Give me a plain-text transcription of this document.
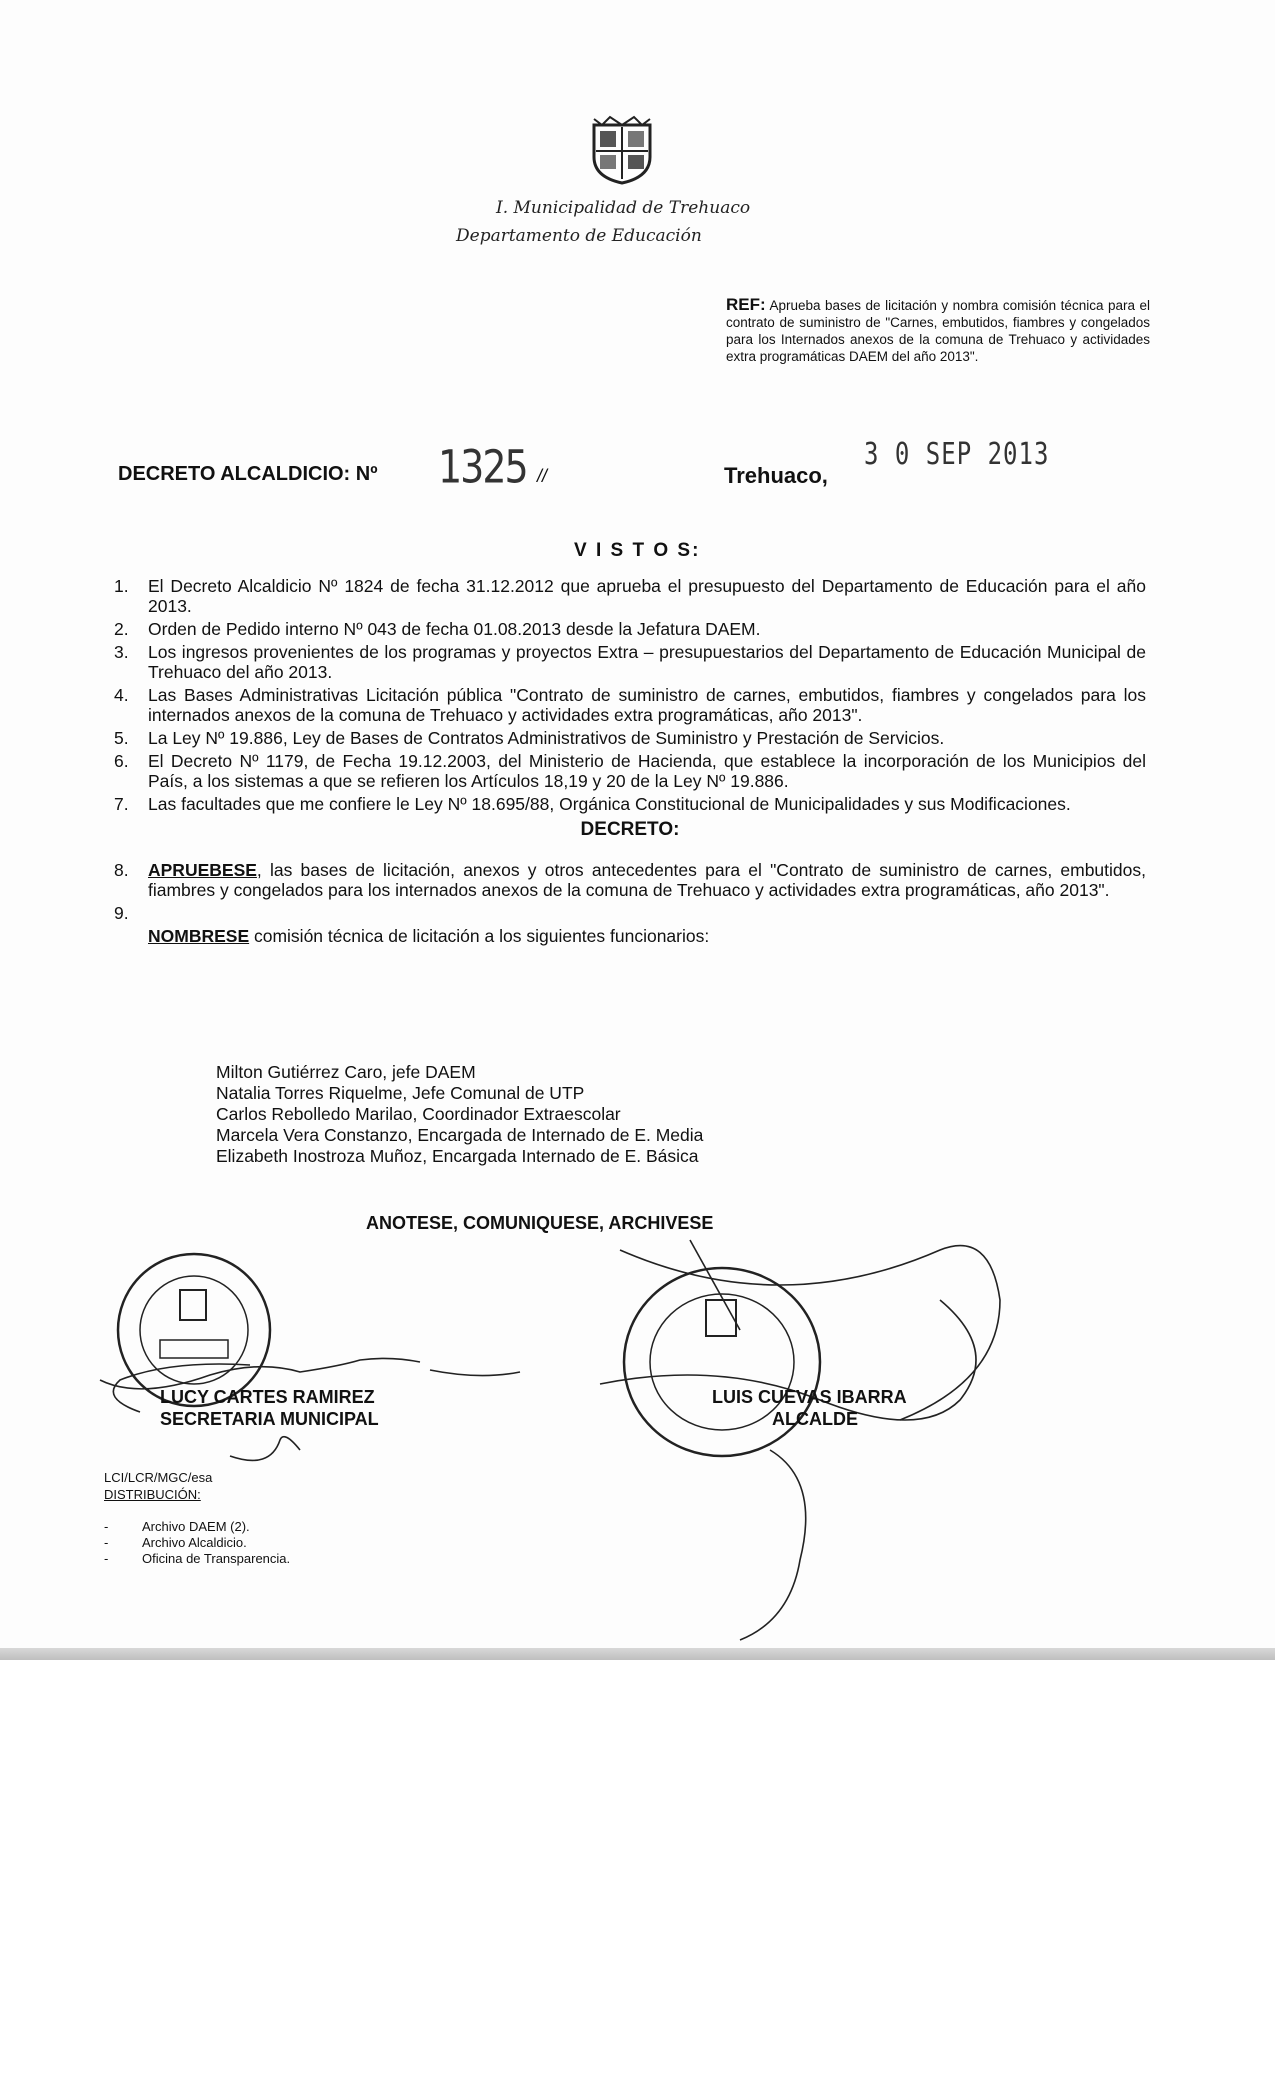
I. Municipalidad de Trehuaco
Departamento de Educación
REF: Aprueba bases de licitación y nombra comisión técnica para el contrato de suministro de "Carnes, embutidos, fiambres y congelados para los Internados anexos de la comuna de Trehuaco y actividades extra programáticas DAEM del año 2013".
DECRETO ALCALDICIO: Nº 1325 //	Trehuaco,
3 0 SEP 2013
V I S T O S:
1.	El Decreto Alcaldicio Nº 1824 de fecha 31.12.2012 que aprueba el presupuesto del Departamento de Educación para el año 2013.
2.	Orden de Pedido interno Nº 043 de fecha 01.08.2013 desde la Jefatura DAEM.
3.	Los ingresos provenientes de los programas y proyectos Extra – presupuestarios del Departamento de Educación Municipal de Trehuaco del año 2013.
4.	Las Bases Administrativas Licitación pública "Contrato de suministro de carnes, embutidos, fiambres y congelados para los internados anexos de la comuna de Trehuaco y actividades extra programáticas, año 2013".
5.	La Ley Nº 19.886, Ley de Bases de Contratos Administrativos de Suministro y Prestación de Servicios.
6.	El Decreto Nº 1179, de Fecha 19.12.2003, del Ministerio de Hacienda, que establece la incorporación de los Municipios del País, a los sistemas a que se refieren los Artículos 18,19 y 20 de la Ley Nº 19.886.
7.	Las facultades que me confiere le Ley Nº 18.695/88, Orgánica Constitucional de Municipalidades y sus Modificaciones.
DECRETO:
8.	APRUEBESE, las bases de licitación, anexos y otros antecedentes para el "Contrato de suministro de carnes, embutidos, fiambres y congelados para los internados anexos de la comuna de Trehuaco y actividades extra programáticas, año 2013".
9.
NOMBRESE comisión técnica de licitación a los siguientes funcionarios:
Milton Gutiérrez Caro, jefe DAEM
Natalia Torres Riquelme, Jefe Comunal de UTP
Carlos Rebolledo Marilao, Coordinador Extraescolar
Marcela Vera Constanzo, Encargada de Internado de E. Media
Elizabeth Inostroza Muñoz, Encargada Internado de E. Básica
ANOTESE, COMUNIQUESE, ARCHIVESE
LUCY CARTES RAMIREZ
SECRETARIA MUNICIPAL
LUIS CUEVAS IBARRA
ALCALDE
LCI/LCR/MGC/esa
DISTRIBUCIÓN:
-	Archivo DAEM (2).
-	Archivo Alcaldicio.
-	Oficina de Transparencia.
